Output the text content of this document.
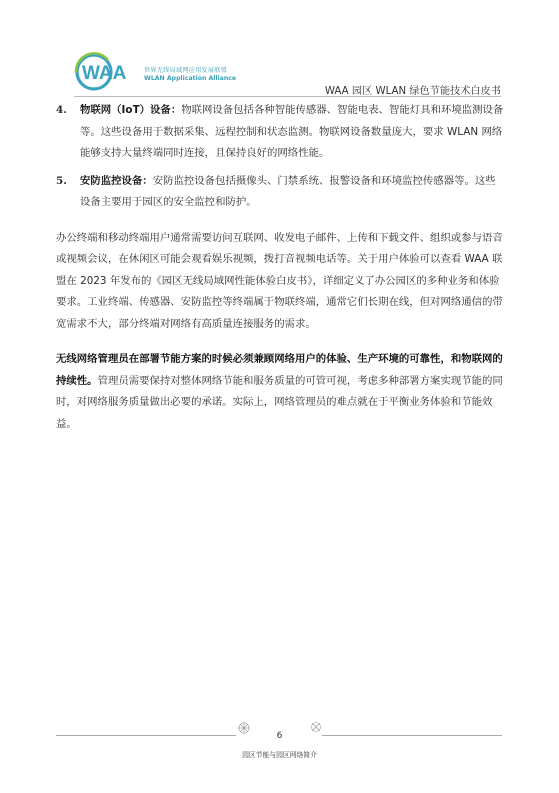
WAA	世界无线局域网应用发展联盟
WLAN Application Alliance
WAA 园区 WLAN 绿色节能技术白皮书
4. 物联网（IoT）设备：物联网设备包括各种智能传感器、智能电表、智能灯具和环境监测设备等。这些设备用于数据采集、远程控制和状态监测。物联网设备数量庞大，要求 WLAN 网络能够支持大量终端同时连接，且保持良好的网络性能。
5. 安防监控设备：安防监控设备包括摄像头、门禁系统、报警设备和环境监控传感器等。这些设备主要用于园区的安全监控和防护。

办公终端和移动终端用户通常需要访问互联网、收发电子邮件、上传和下载文件、组织或参与语音或视频会议，在休闲区可能会观看娱乐视频，拨打音视频电话等。关于用户体验可以查看 WAA 联盟在 2023 年发布的《园区无线局域网性能体验白皮书》，详细定义了办公园区的多种业务和体验要求。工业终端、传感器、安防监控等终端属于物联终端，通常它们长期在线，但对网络通信的带宽需求不大，部分终端对网络有高质量连接服务的需求。

无线网络管理员在部署节能方案的时候必须兼顾网络用户的体验、生产环境的可靠性，和物联网的持续性。管理员需要保持对整体网络节能和服务质量的可管可视，考虑多种部署方案实现节能的同时，对网络服务质量做出必要的承诺。实际上，网络管理员的难点就在于平衡业务体验和节能效益。

6
园区节能与园区网络简介
